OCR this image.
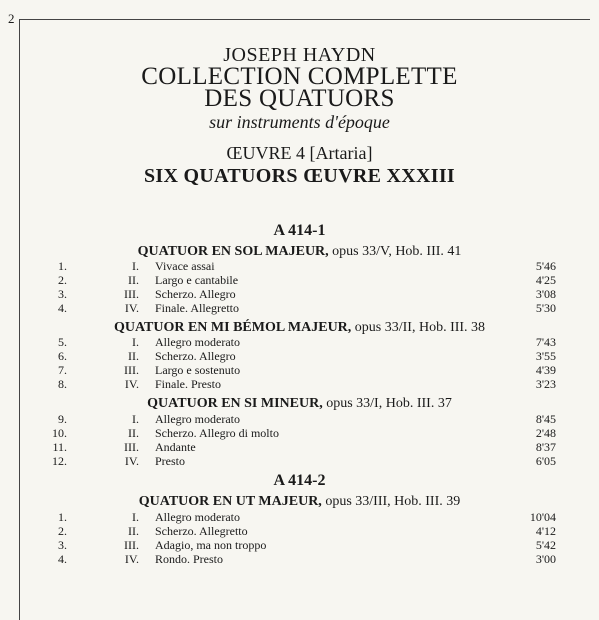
2
JOSEPH HAYDN
COLLECTION COMPLETTE
DES QUATUORS
sur instruments d'époque
ŒUVRE 4 [Artaria]
SIX QUATUORS ŒUVRE XXXIII
A 414-1
QUATUOR EN SOL MAJEUR, opus 33/V, Hob. III. 41
1.	I. Vivace assai	5'46
2.	II. Largo e cantabile	4'25
3.	III. Scherzo. Allegro	3'08
4.	IV. Finale. Allegretto	5'30
QUATUOR EN MI BÉMOL MAJEUR, opus 33/II, Hob. III. 38
5.	I. Allegro moderato	7'43
6.	II. Scherzo. Allegro	3'55
7.	III. Largo e sostenuto	4'39
8.	IV. Finale. Presto	3'23
QUATUOR EN SI MINEUR, opus 33/I, Hob. III. 37
9.	I. Allegro moderato	8'45
10.	II. Scherzo. Allegro di molto	2'48
11.	III. Andante	8'37
12.	IV. Presto	6'05
A 414-2
QUATUOR EN UT MAJEUR, opus 33/III, Hob. III. 39
1.	I. Allegro moderato	10'04
2.	II. Scherzo. Allegretto	4'12
3.	III. Adagio, ma non troppo	5'42
4.	IV. Rondo. Presto	3'00
